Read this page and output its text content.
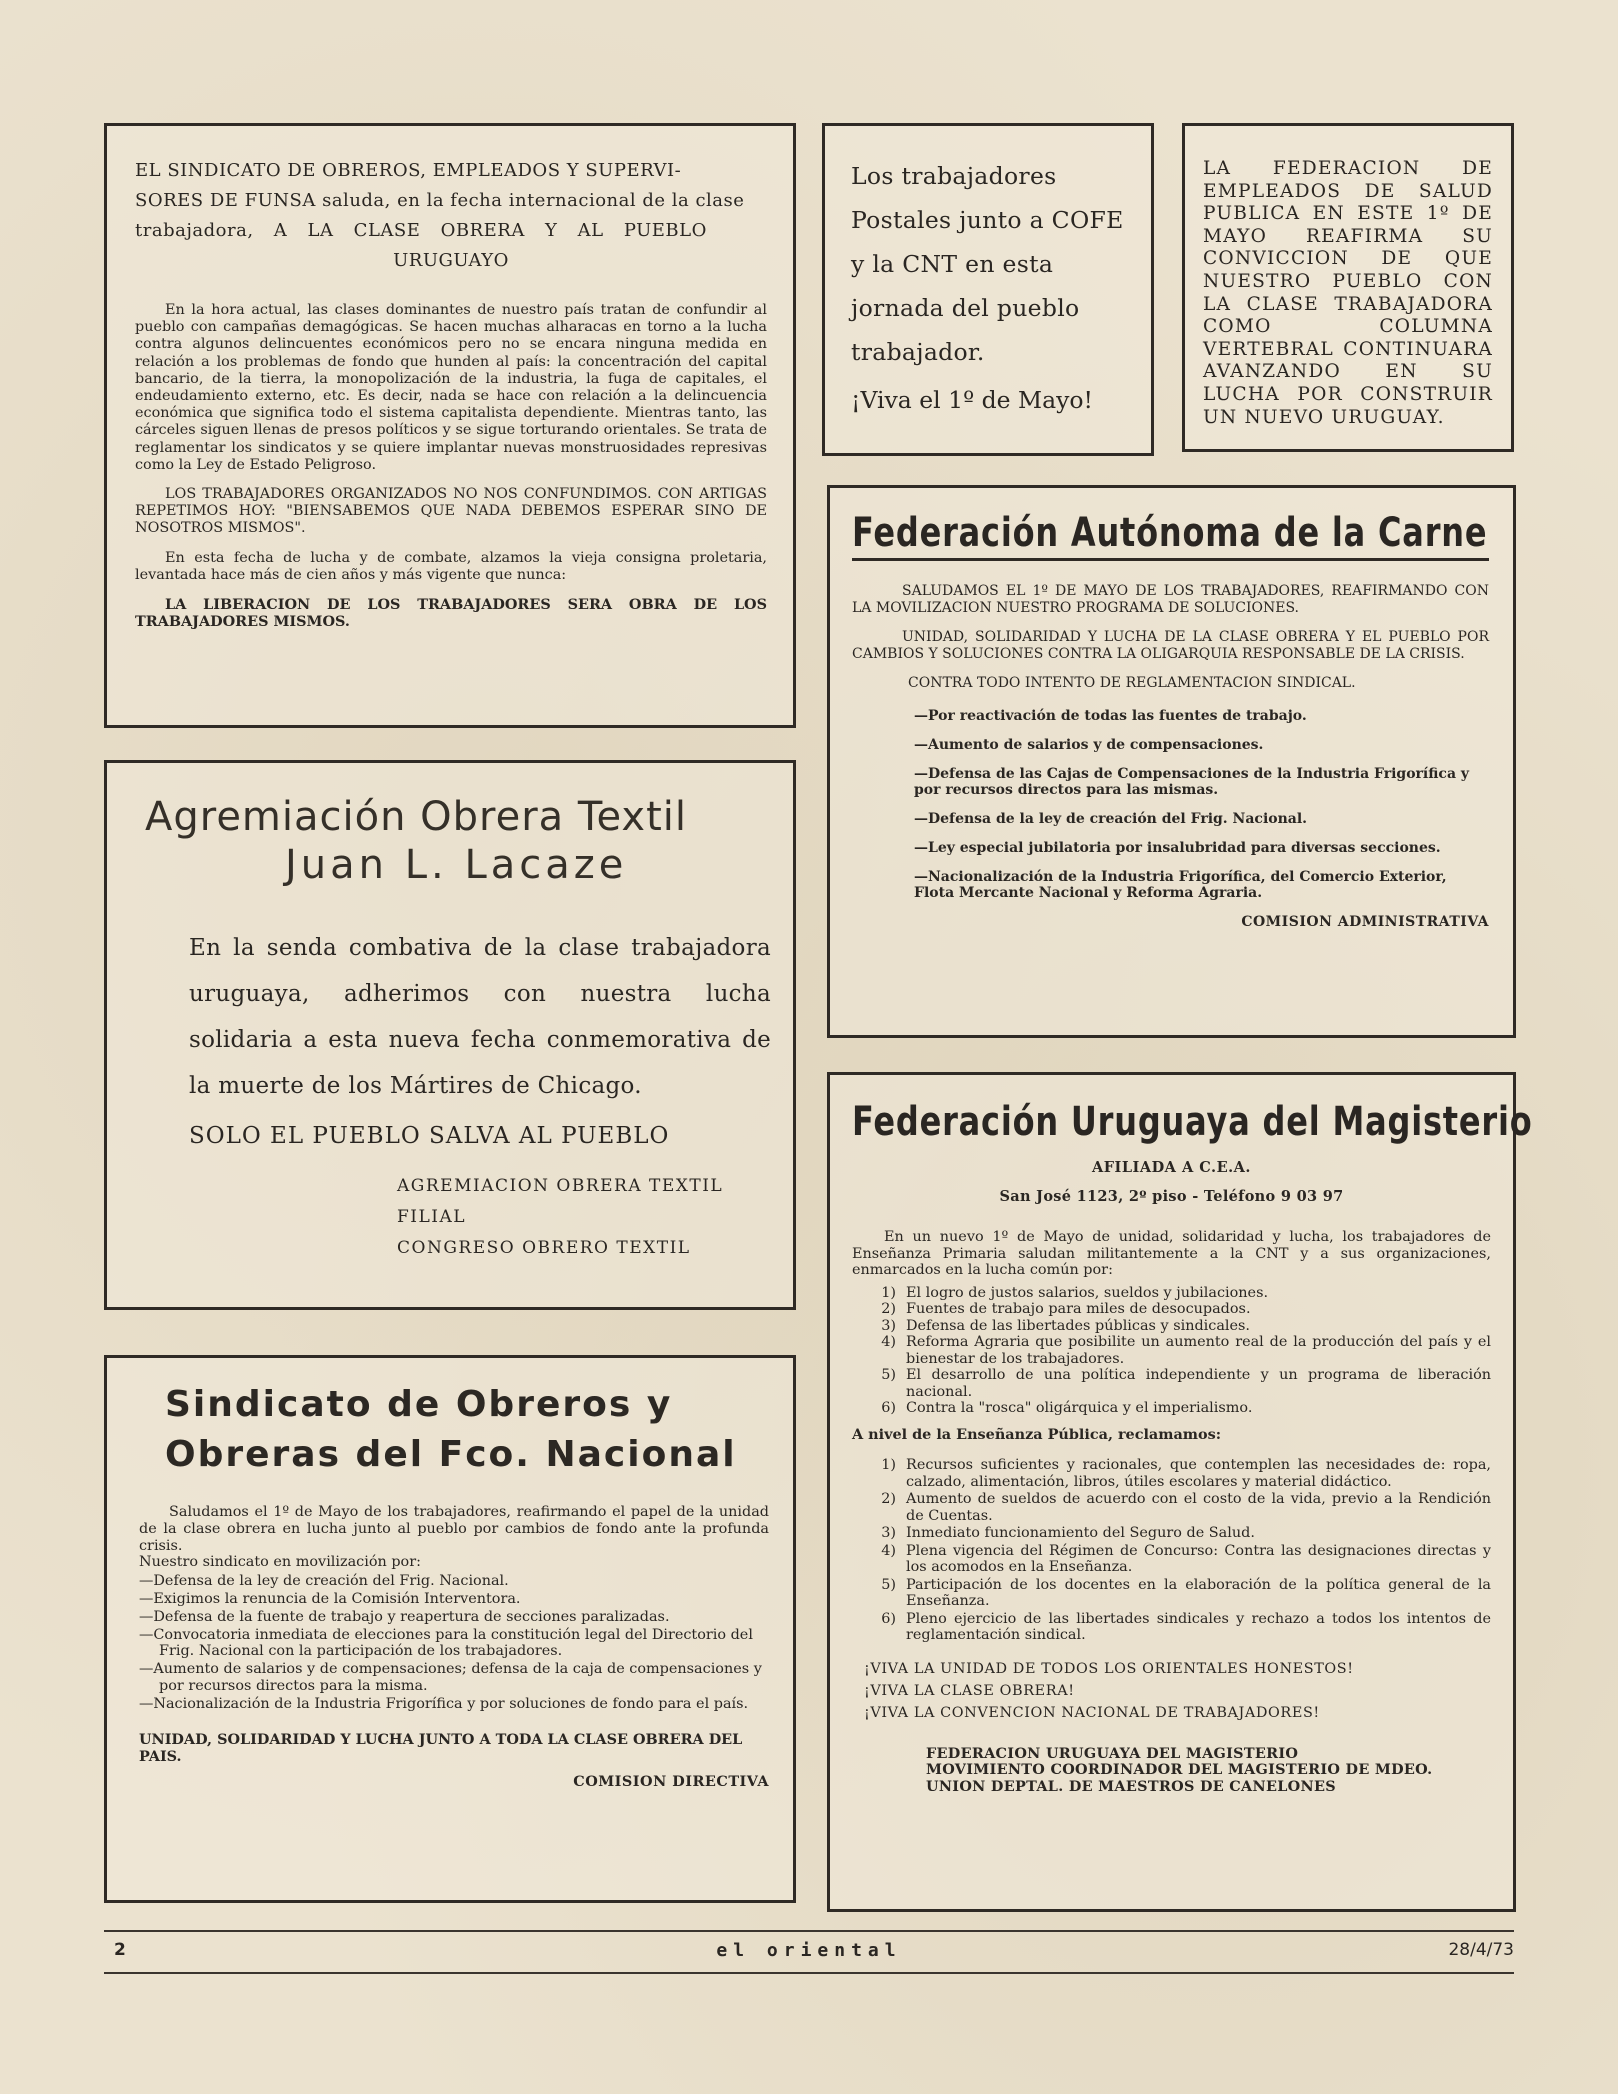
EL SINDICATO DE OBREROS, EMPLEADOS Y SUPERVI-

SORES DE FUNSA saluda, en la fecha internacional de la clase

trabajadora, A LA CLASE OBRERA Y AL PUEBLO

URUGUAYO

En la hora actual, las clases dominantes de nuestro país tratan de confundir al pueblo con campañas demagógicas. Se hacen muchas alharacas en torno a la lucha contra algunos delincuentes económicos pero no se encara ninguna medida en relación a los problemas de fondo que hunden al país: la concentración del capital bancario, de la tierra, la monopolización de la industria, la fuga de capitales, el endeudamiento externo, etc. Es decir, nada se hace con relación a la delincuencia económica que significa todo el sistema capitalista dependiente. Mientras tanto, las cárceles siguen llenas de presos políticos y se sigue torturando orientales. Se trata de reglamentar los sindicatos y se quiere implantar nuevas monstruosidades represivas como la Ley de Estado Peligroso.

LOS TRABAJADORES ORGANIZADOS NO NOS CONFUNDIMOS. CON ARTIGAS REPETIMOS HOY: "BIENSABEMOS QUE NADA DEBEMOS ESPERAR SINO DE NOSOTROS MISMOS".

En esta fecha de lucha y de combate, alzamos la vieja consigna proletaria, levantada hace más de cien años y más vigente que nunca:

LA LIBERACION DE LOS TRABAJADORES SERA OBRA DE LOS TRABAJADORES MISMOS.

Los trabajadores Postales junto a COFE y la CNT en esta jornada del pueblo trabajador.

¡Viva el 1º de Mayo!

LA FEDERACION DE EMPLEADOS DE SALUD PUBLICA EN ESTE 1º DE MAYO REAFIRMA SU CONVICCION DE QUE NUESTRO PUEBLO CON LA CLASE TRABAJADORA COMO COLUMNA VERTEBRAL CONTINUARA AVANZANDO EN SU LUCHA POR CONSTRUIR UN NUEVO URUGUAY.

Federación Autónoma de la Carne

SALUDAMOS EL 1º DE MAYO DE LOS TRABAJADORES, REAFIRMANDO CON LA MOVILIZACION NUESTRO PROGRAMA DE SOLUCIONES.

UNIDAD, SOLIDARIDAD Y LUCHA DE LA CLASE OBRERA Y EL PUEBLO POR CAMBIOS Y SOLUCIONES CONTRA LA OLIGARQUIA RESPONSABLE DE LA CRISIS.

CONTRA TODO INTENTO DE REGLAMENTACION SINDICAL.

—Por reactivación de todas las fuentes de trabajo.
—Aumento de salarios y de compensaciones.
—Defensa de las Cajas de Compensaciones de la Industria Frigorífica y por recursos directos para las mismas.
—Defensa de la ley de creación del Frig. Nacional.
—Ley especial jubilatoria por insalubridad para diversas secciones.
—Nacionalización de la Industria Frigorífica, del Comercio Exterior, Flota Mercante Nacional y Reforma Agraria.
COMISION ADMINISTRATIVA
Agremiación Obrera Textil
Juan L. Lacaze

En la senda combativa de la clase trabajadora uruguaya, adherimos con nuestra lucha solidaria a esta nueva fecha conmemorativa de la muerte de los Mártires de Chicago.

SOLO EL PUEBLO SALVA AL PUEBLO

AGREMIACION OBRERA TEXTIL
FILIAL
CONGRESO OBRERO TEXTIL
Sindicato de Obreros y
Obreras del Fco. Nacional

Saludamos el 1º de Mayo de los trabajadores, reafirmando el papel de la unidad de la clase obrera en lucha junto al pueblo por cambios de fondo ante la profunda crisis.

Nuestro sindicato en movilización por:

—Defensa de la ley de creación del Frig. Nacional.
—Exigimos la renuncia de la Comisión Interventora.
—Defensa de la fuente de trabajo y reapertura de secciones paralizadas.
—Convocatoria inmediata de elecciones para la constitución legal del Directorio del Frig. Nacional con la participación de los trabajadores.
—Aumento de salarios y de compensaciones; defensa de la caja de compensaciones y por recursos directos para la misma.
—Nacionalización de la Industria Frigorífica y por soluciones de fondo para el país.

UNIDAD, SOLIDARIDAD Y LUCHA JUNTO A TODA LA CLASE OBRERA DEL PAIS.

COMISION DIRECTIVA
Federación Uruguaya del Magisterio
AFILIADA A C.E.A.
San José 1123, 2º piso - Teléfono 9 03 97

En un nuevo 1º de Mayo de unidad, solidaridad y lucha, los trabajadores de Enseñanza Primaria saludan militantemente a la CNT y a sus organizaciones, enmarcados en la lucha común por:

1) El logro de justos salarios, sueldos y jubilaciones.
2) Fuentes de trabajo para miles de desocupados.
3) Defensa de las libertades públicas y sindicales.
4) Reforma Agraria que posibilite un aumento real de la producción del país y el bienestar de los trabajadores.
5) El desarrollo de una política independiente y un programa de liberación nacional.
6) Contra la "rosca" oligárquica y el imperialismo.

A nivel de la Enseñanza Pública, reclamamos:

1) Recursos suficientes y racionales, que contemplen las necesidades de: ropa, calzado, alimentación, libros, útiles escolares y material didáctico.
2) Aumento de sueldos de acuerdo con el costo de la vida, previo a la Rendición de Cuentas.
3) Inmediato funcionamiento del Seguro de Salud.
4) Plena vigencia del Régimen de Concurso: Contra las designaciones directas y los acomodos en la Enseñanza.
5) Participación de los docentes en la elaboración de la política general de la Enseñanza.
6) Pleno ejercicio de las libertades sindicales y rechazo a todos los intentos de reglamentación sindical.
¡VIVA LA UNIDAD DE TODOS LOS ORIENTALES HONESTOS!
¡VIVA LA CLASE OBRERA!
¡VIVA LA CONVENCION NACIONAL DE TRABAJADORES!
FEDERACION URUGUAYA DEL MAGISTERIO
MOVIMIENTO COORDINADOR DEL MAGISTERIO DE MDEO.
UNION DEPTAL. DE MAESTROS DE CANELONES
2	el oriental	28/4/73
